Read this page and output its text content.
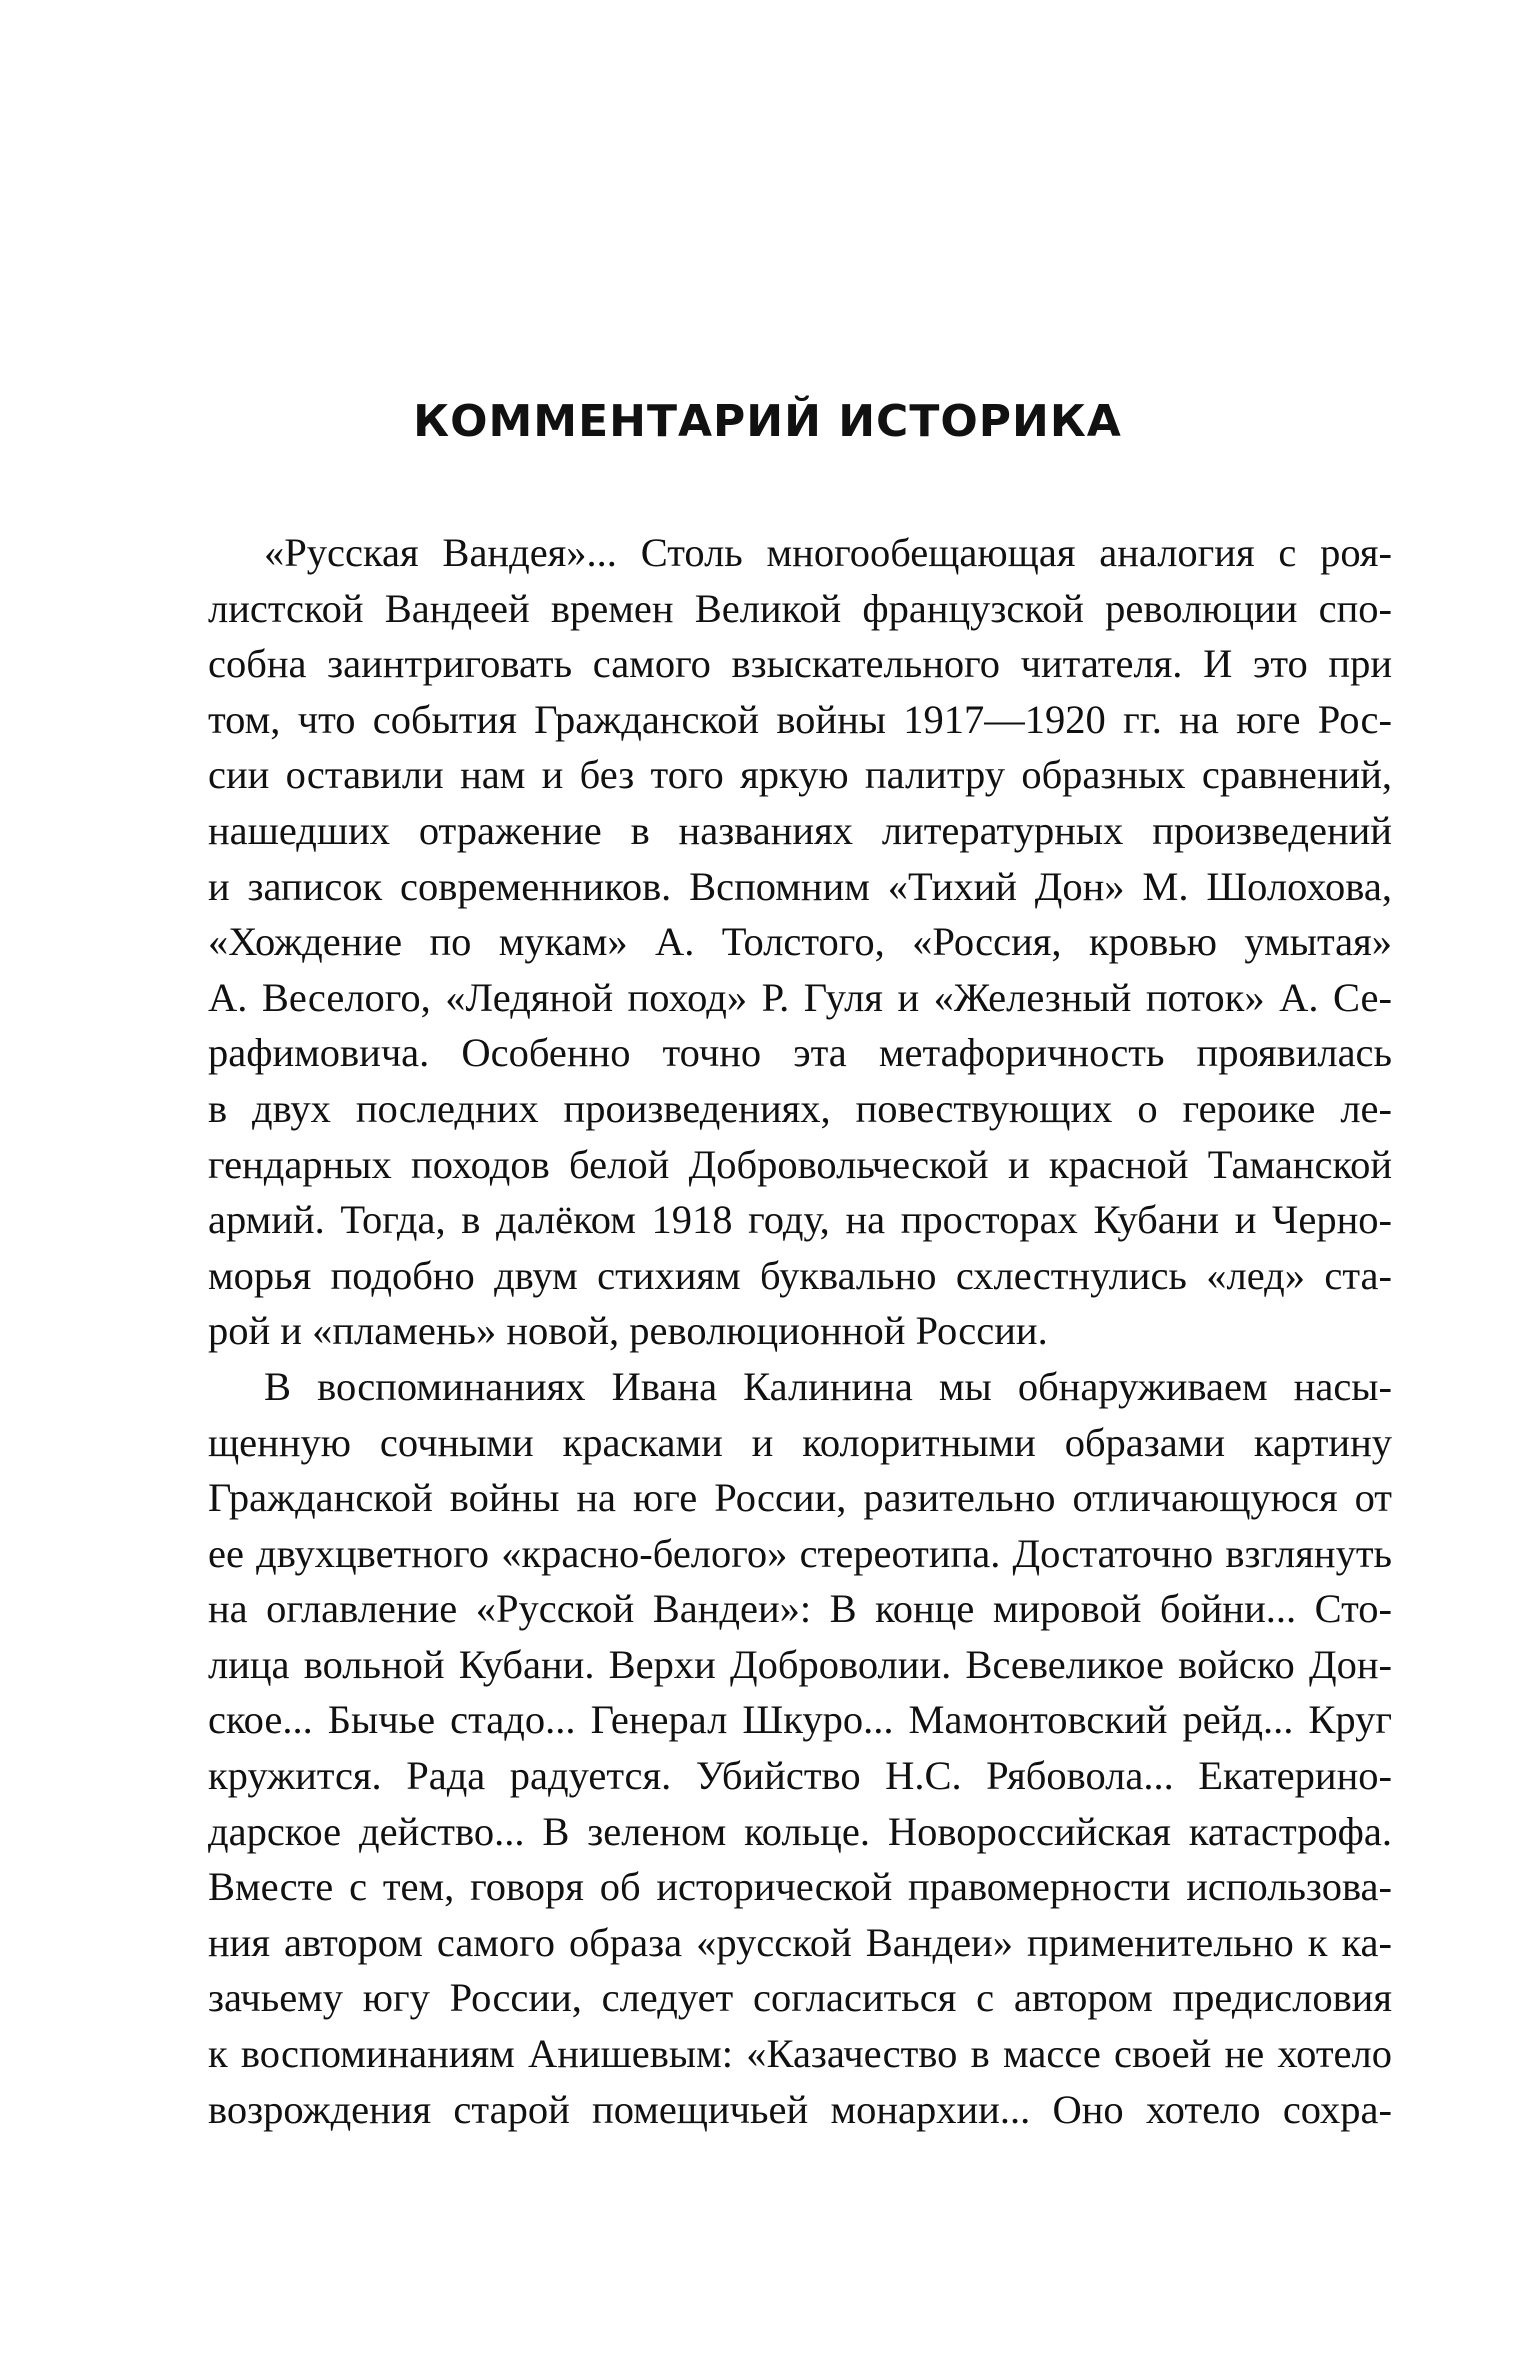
КОММЕНТАРИЙ ИСТОРИКА
«Русская Вандея»... Столь многообещающая аналогия с роя-
листской Вандеей времен Великой французской революции спо-
собна заинтриговать самого взыскательного читателя. И это при
том, что события Гражданской войны 1917—1920 гг. на юге Рос-
сии оставили нам и без того яркую палитру образных сравнений,
нашедших отражение в названиях литературных произведений
и записок современников. Вспомним «Тихий Дон» М. Шолохова,
«Хождение по мукам» А. Толстого, «Россия, кровью умытая»
А. Веселого, «Ледяной поход» Р. Гуля и «Железный поток» А. Се-
рафимовича. Особенно точно эта метафоричность проявилась
в двух последних произведениях, повествующих о героике ле-
гендарных походов белой Добровольческой и красной Таманской
армий. Тогда, в далёком 1918 году, на просторах Кубани и Черно-
морья подобно двум стихиям буквально схлестнулись «лед» ста-
рой и «пламень» новой, революционной России.
В воспоминаниях Ивана Калинина мы обнаруживаем насы-
щенную сочными красками и колоритными образами картину
Гражданской войны на юге России, разительно отличающуюся от
ее двухцветного «красно-белого» стереотипа. Достаточно взглянуть
на оглавление «Русской Вандеи»: В конце мировой бойни... Сто-
лица вольной Кубани. Верхи Доброволии. Всевеликое войско Дон-
ское... Бычье стадо... Генерал Шкуро... Мамонтовский рейд... Круг
кружится. Рада радуется. Убийство Н.С. Рябовола... Екатерино-
дарское действо... В зеленом кольце. Новороссийская катастрофа.
Вместе с тем, говоря об исторической правомерности использова-
ния автором самого образа «русской Вандеи» применительно к ка-
зачьему югу России, следует согласиться с автором предисловия
к воспоминаниям Анишевым: «Казачество в массе своей не хотело
возрождения старой помещичьей монархии... Оно хотело сохра-
